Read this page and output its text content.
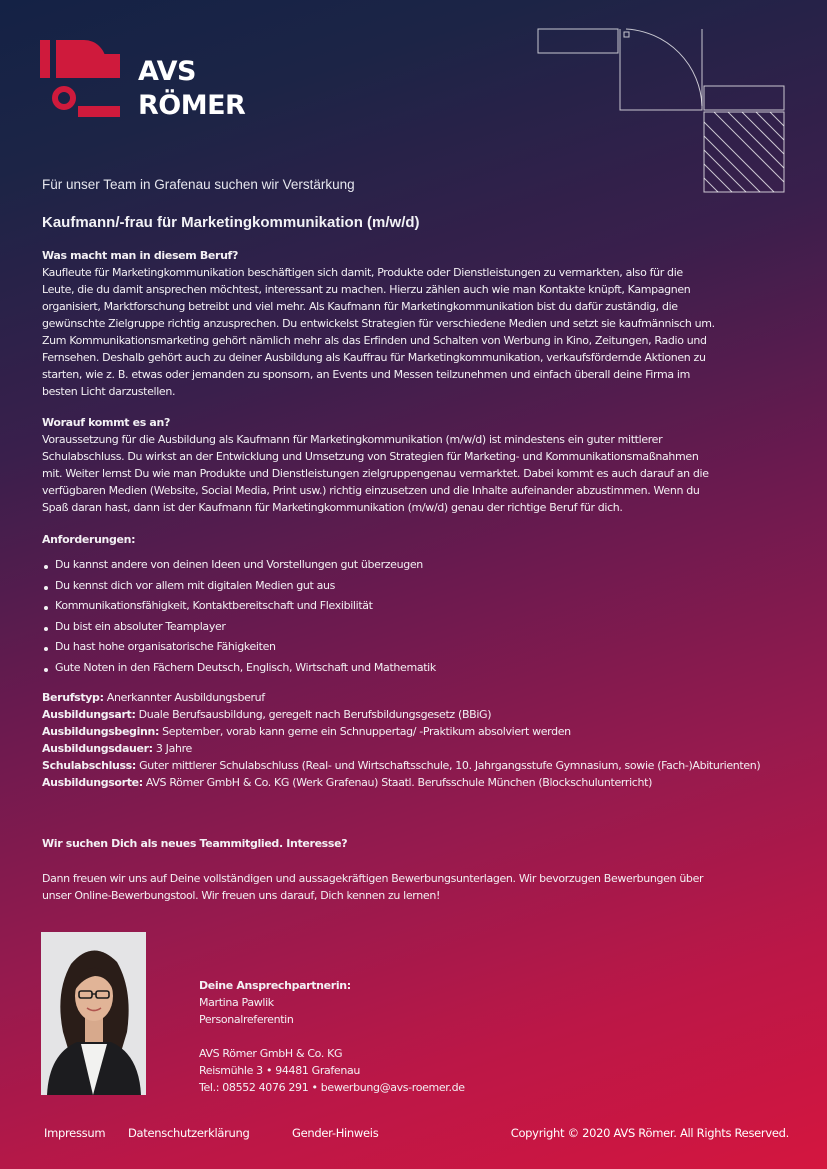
AVS
RÖMER
Für unser Team in Grafenau suchen wir Verstärkung
Kaufmann/-frau für Marketingkommunikation (m/w/d)
Was macht man in diesem Beruf?
Kaufleute für Marketingkommunikation beschäftigen sich damit, Produkte oder Dienstleistungen zu vermarkten, also für die
Leute, die du damit ansprechen möchtest, interessant zu machen. Hierzu zählen auch wie man Kontakte knüpft, Kampagnen
organisiert, Marktforschung betreibt und viel mehr. Als Kaufmann für Marketingkommunikation bist du dafür zuständig, die
gewünschte Zielgruppe richtig anzusprechen. Du entwickelst Strategien für verschiedene Medien und setzt sie kaufmännisch um.
Zum Kommunikationsmarketing gehört nämlich mehr als das Erfinden und Schalten von Werbung in Kino, Zeitungen, Radio und
Fernsehen. Deshalb gehört auch zu deiner Ausbildung als Kauffrau für Marketingkommunikation, verkaufsfördernde Aktionen zu
starten, wie z. B. etwas oder jemanden zu sponsorn, an Events und Messen teilzunehmen und einfach überall deine Firma im
besten Licht darzustellen.
Worauf kommt es an?
Voraussetzung für die Ausbildung als Kaufmann für Marketingkommunikation (m/w/d) ist mindestens ein guter mittlerer
Schulabschluss. Du wirkst an der Entwicklung und Umsetzung von Strategien für Marketing- und Kommunikationsmaßnahmen
mit. Weiter lernst Du wie man Produkte und Dienstleistungen zielgruppengenau vermarktet. Dabei kommt es auch darauf an die
verfügbaren Medien (Website, Social Media, Print usw.) richtig einzusetzen und die Inhalte aufeinander abzustimmen. Wenn du
Spaß daran hast, dann ist der Kaufmann für Marketingkommunikation (m/w/d) genau der richtige Beruf für dich.
Anforderungen:
Du kannst andere von deinen Ideen und Vorstellungen gut überzeugen
Du kennst dich vor allem mit digitalen Medien gut aus
Kommunikationsfähigkeit, Kontaktbereitschaft und Flexibilität
Du bist ein absoluter Teamplayer
Du hast hohe organisatorische Fähigkeiten
Gute Noten in den Fächern Deutsch, Englisch, Wirtschaft und Mathematik
Berufstyp: Anerkannter Ausbildungsberuf
Ausbildungsart: Duale Berufsausbildung, geregelt nach Berufsbildungsgesetz (BBiG)
Ausbildungsbeginn: September, vorab kann gerne ein Schnuppertag/ -Praktikum absolviert werden
Ausbildungsdauer: 3 Jahre
Schulabschluss: Guter mittlerer Schulabschluss (Real- und Wirtschaftsschule, 10. Jahrgangsstufe Gymnasium, sowie (Fach-)Abiturienten)
Ausbildungsorte: AVS Römer GmbH & Co. KG (Werk Grafenau) Staatl. Berufsschule München (Blockschulunterricht)
Wir suchen Dich als neues Teammitglied. Interesse?
Dann freuen wir uns auf Deine vollständigen und aussagekräftigen Bewerbungsunterlagen. Wir bevorzugen Bewerbungen über
unser Online-Bewerbungstool. Wir freuen uns darauf, Dich kennen zu lernen!
Deine Ansprechpartnerin:
Martina Pawlik
Personalreferentin
AVS Römer GmbH & Co. KG
Reismühle 3 • 94481 Grafenau
Tel.: 08552 4076 291 • bewerbung@avs-roemer.de
Impressum Datenschutzerklärung	Gender-Hinweis	Copyright © 2020 AVS Römer. All Rights Reserved.
